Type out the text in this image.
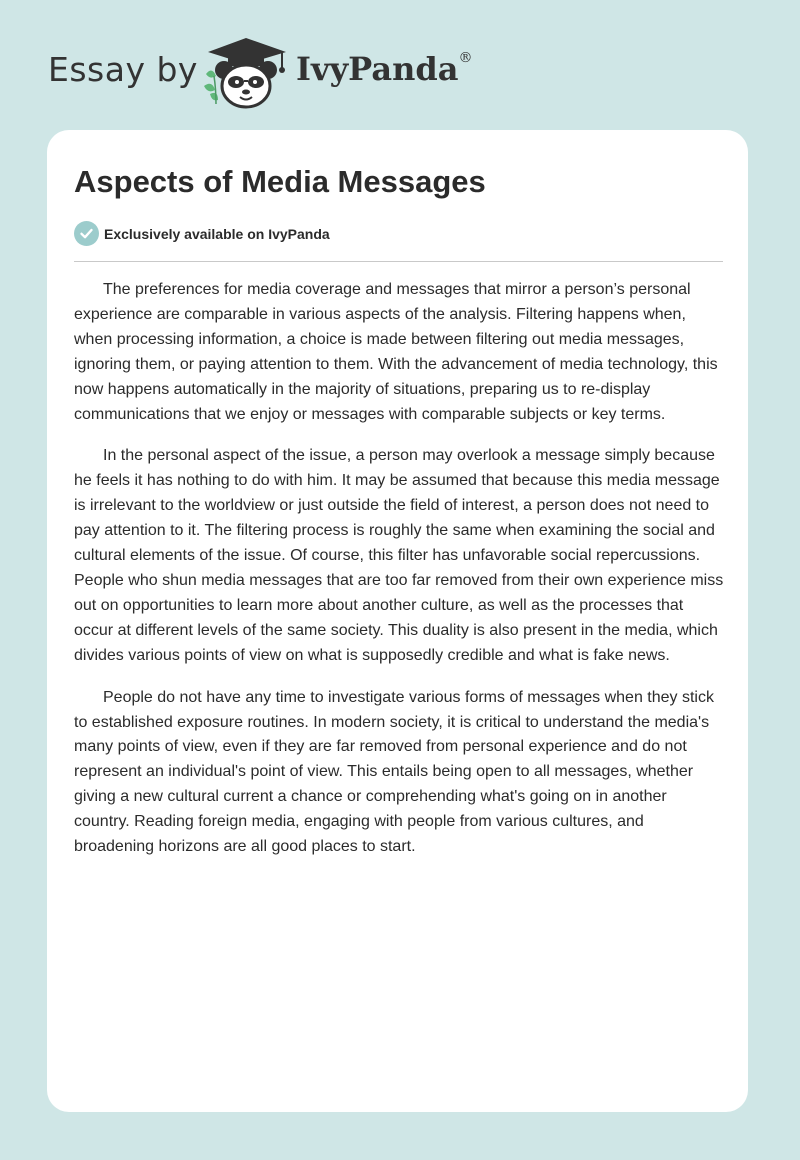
Essay by	IvyPanda®
Aspects of Media Messages
Exclusively available on IvyPanda

The preferences for media coverage and messages that mirror a person’s personal experience are comparable in various aspects of the analysis. Filtering happens when, when processing information, a choice is made between filtering out media messages, ignoring them, or paying attention to them. With the advancement of media technology, this now happens automatically in the majority of situations, preparing us to re-display communications that we enjoy or messages with comparable subjects or key terms.

In the personal aspect of the issue, a person may overlook a message simply because he feels it has nothing to do with him. It may be assumed that because this media message is irrelevant to the worldview or just outside the field of interest, a person does not need to pay attention to it. The filtering process is roughly the same when examining the social and cultural elements of the issue. Of course, this filter has unfavorable social repercussions. People who shun media messages that are too far removed from their own experience miss out on opportunities to learn more about another culture, as well as the processes that occur at different levels of the same society. This duality is also present in the media, which divides various points of view on what is supposedly credible and what is fake news.

People do not have any time to investigate various forms of messages when they stick to established exposure routines. In modern society, it is critical to understand the media's many points of view, even if they are far removed from personal experience and do not represent an individual's point of view. This entails being open to all messages, whether giving a new cultural current a chance or comprehending what's going on in another country. Reading foreign media, engaging with people from various cultures, and broadening horizons are all good places to start.
